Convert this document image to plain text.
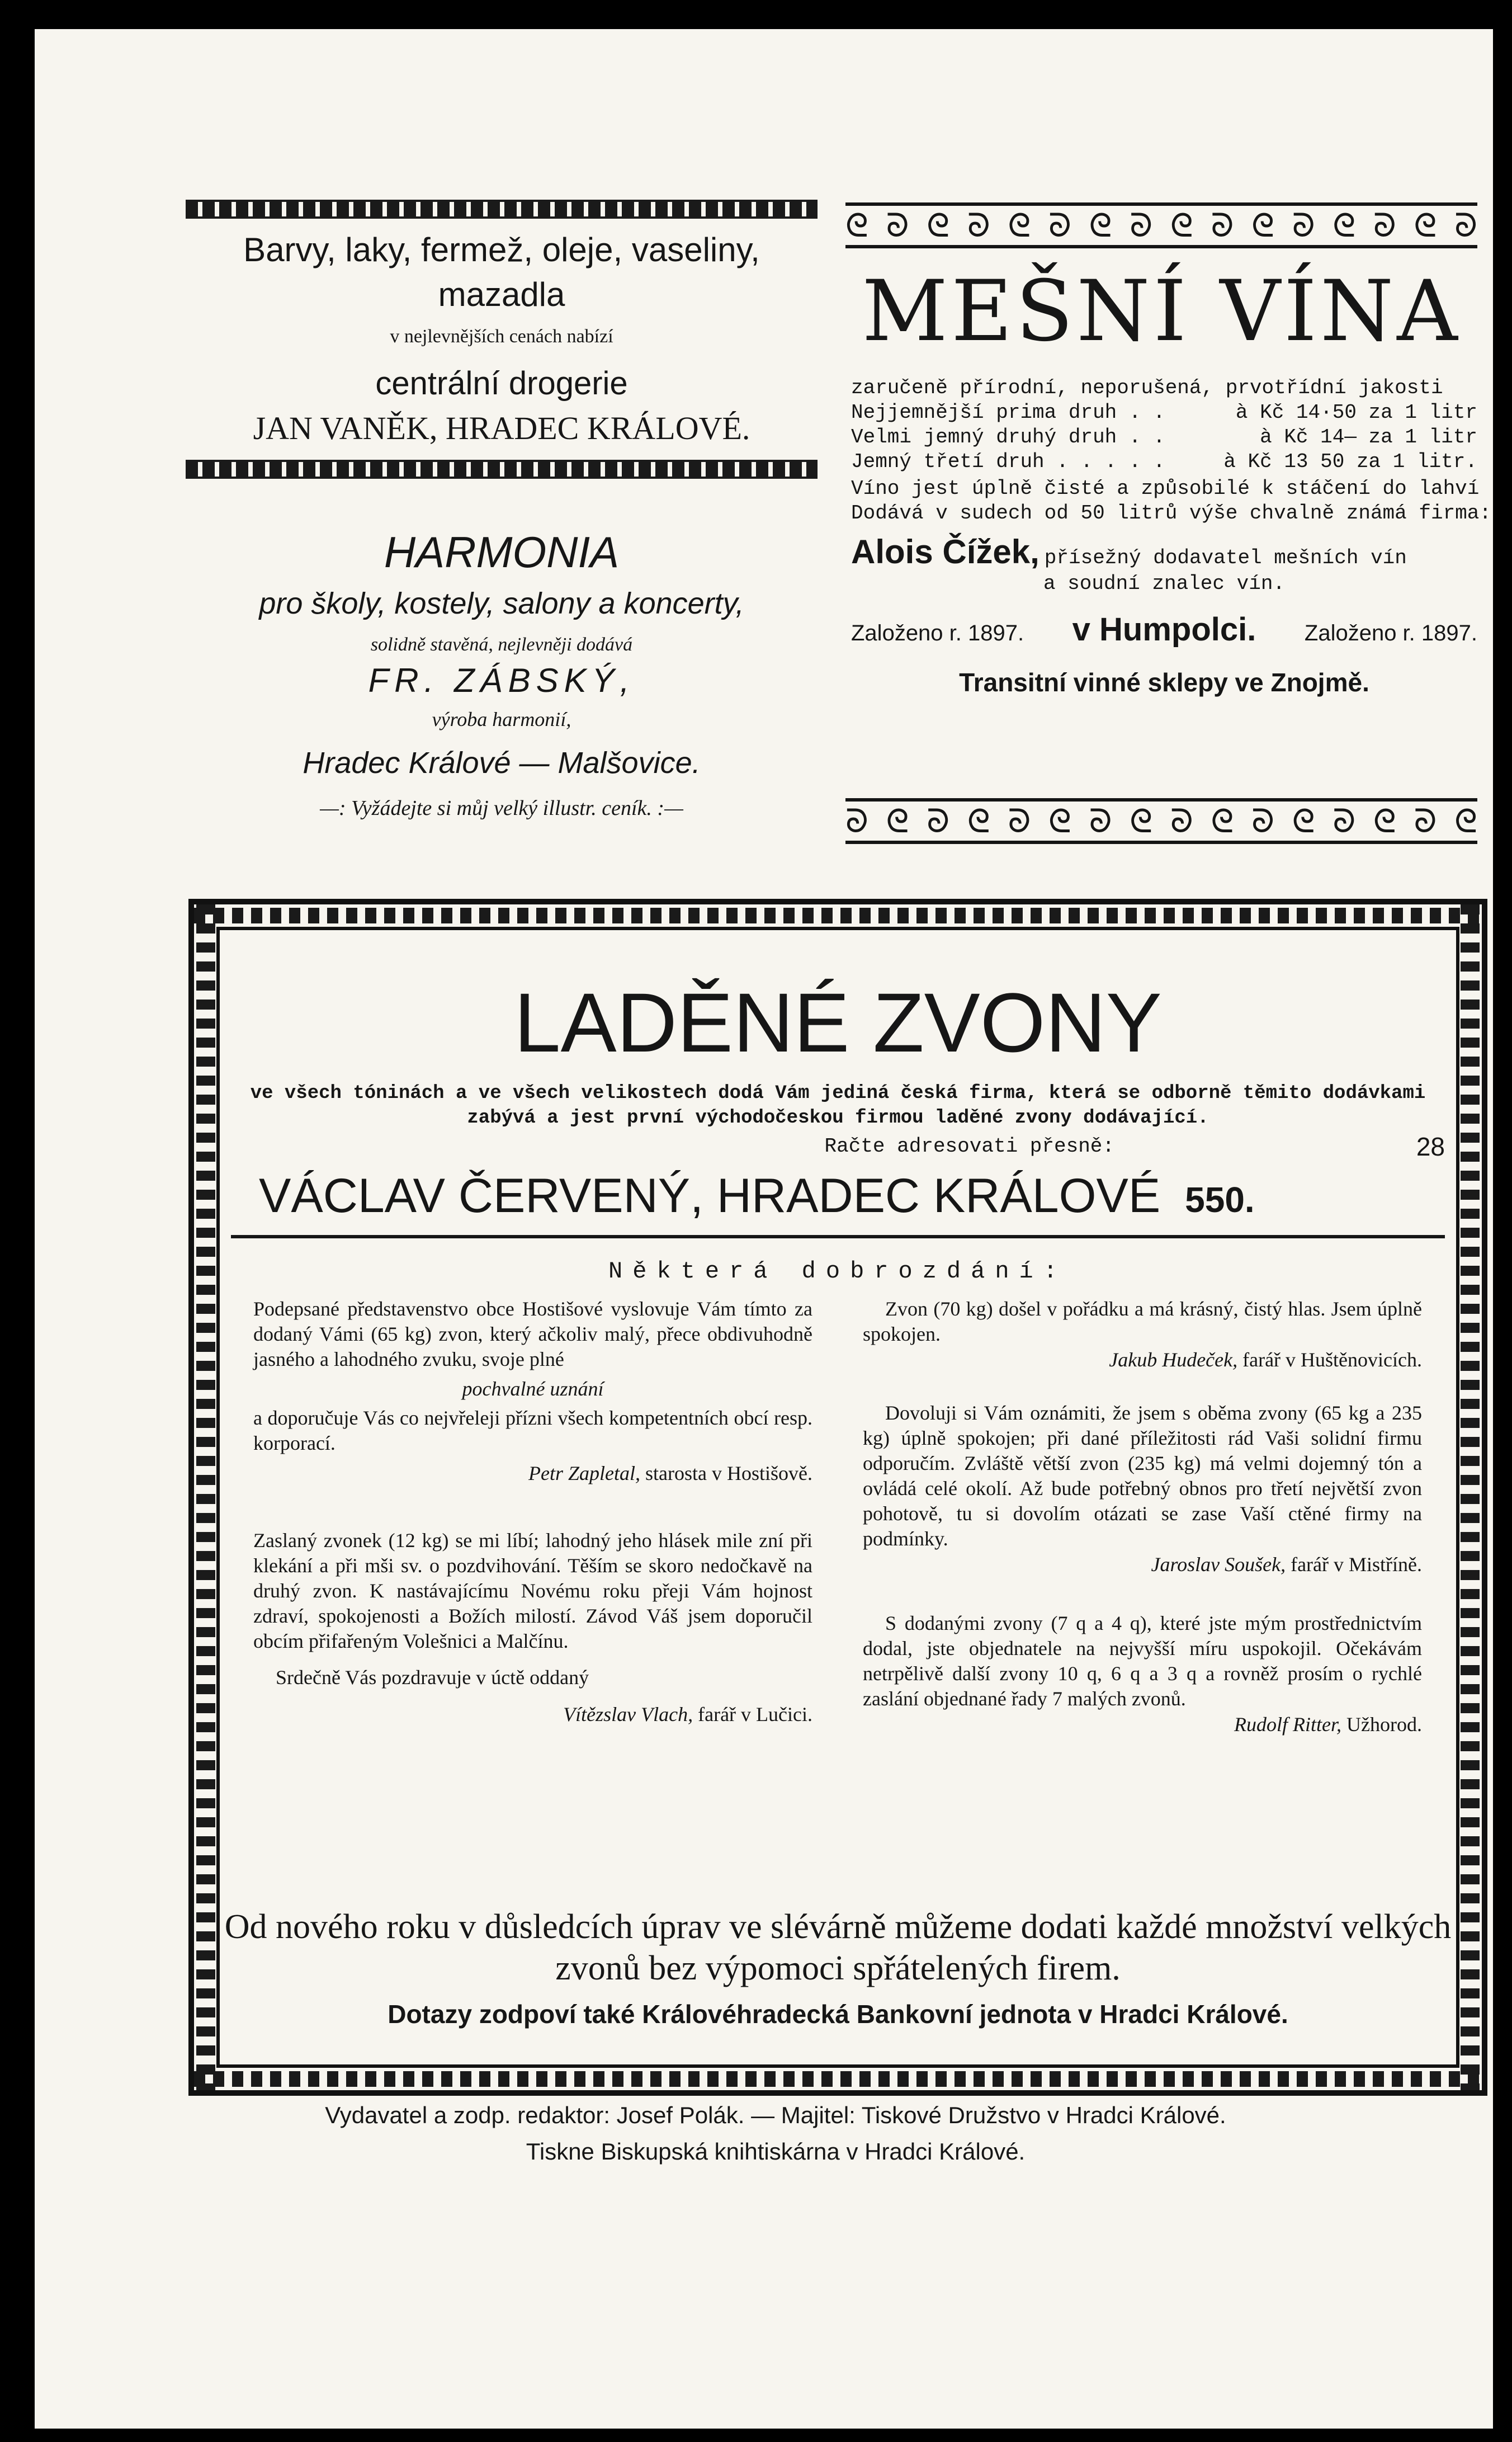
Barvy, laky, fermež, oleje, vaseliny,
mazadla
v nejlevnějších cenách nabízí
centrální drogerie
JAN VANĚK, HRADEC KRÁLOVÉ.
HARMONIA
pro školy, kostely, salony a koncerty,
solidně stavěná, nejlevněji dodává
FR. ZÁBSKÝ,
výroba harmonií,
Hradec Králové — Malšovice.
—: Vyžádejte si můj velký illustr. ceník. :—
ᘓ ᘐ ᘓ ᘐ ᘓ ᘐ ᘓ ᘐ ᘓ ᘐ ᘓ ᘐ ᘓ ᘐ ᘓ ᘐ
MEŠNÍ VÍNA
zaručeně přírodní, neporušená, prvotřídní jakosti
Nejjemnější prima druh . .	à Kč 14·50 za 1 litr
Velmi jemný druhý druh . .	à Kč 14— za 1 litr
Jemný třetí druh . . . . .	à Kč 13 50 za 1 litr.
Víno jest úplně čisté a způsobilé k stáčení do lahví
Dodává v sudech od 50 litrů výše chvalně známá firma:
Alois Čížek, přísežný dodavatel mešních vín
a soudní znalec vín.
Založeno r. 1897. v Humpolci. Založeno r. 1897.
Transitní vinné sklepy ve Znojmě.
ᘐ ᘓ ᘐ ᘓ ᘐ ᘓ ᘐ ᘓ ᘐ ᘓ ᘐ ᘓ ᘐ ᘓ ᘐ ᘓ
LADĚNÉ ZVONY
ve všech tóninách a ve všech velikostech dodá Vám jediná česká firma, která se odborně těmito dodávkami zabývá a jest první východočeskou firmou laděné zvony dodávající.
Račte adresovati přesně:	28
VÁCLAV ČERVENÝ, HRADEC KRÁLOVÉ 550.
Některá dobrozdání:
Podepsané představenstvo obce Hostišové vyslovuje Vám tímto za dodaný Vámi (65 kg) zvon, který ačkoliv malý, přece obdivuhodně jasného a lahodného zvuku, svoje plné
pochvalné uznání
a doporučuje Vás co nejvřeleji přízni všech kompetentních obcí resp. korporací.
Petr Zapletal, starosta v Hostišově.
Zaslaný zvonek (12 kg) se mi líbí; lahodný jeho hlásek mile zní při klekání a při mši sv. o pozdvihování. Těším se skoro nedočkavě na druhý zvon. K nastávajícímu Novému roku přeji Vám hojnost zdraví, spokojenosti a Božích milostí. Závod Váš jsem doporučil obcím přifařeným Volešnici a Malčínu.
Srdečně Vás pozdravuje v úctě oddaný
Vítězslav Vlach, farář v Lučici.
Zvon (70 kg) došel v pořádku a má krásný, čistý hlas. Jsem úplně spokojen.
Jakub Hudeček, farář v Huštěnovicích.
Dovoluji si Vám oznámiti, že jsem s oběma zvony (65 kg a 235 kg) úplně spokojen; při dané příležitosti rád Vaši solidní firmu odporučím. Zvláště větší zvon (235 kg) má velmi dojemný tón a ovládá celé okolí. Až bude potřebný obnos pro třetí největší zvon pohotově, tu si dovolím otázati se zase Vaší ctěné firmy na podmínky.
Jaroslav Soušek, farář v Mistříně.
S dodanými zvony (7 q a 4 q), které jste mým prostřednictvím dodal, jste objednatele na nejvyšší míru uspokojil. Očekávám netrpělivě další zvony 10 q, 6 q a 3 q a rovněž prosím o rychlé zaslání objednané řady 7 malých zvonů.
Rudolf Ritter, Užhorod.
Od nového roku v důsledcích úprav ve slévárně můžeme dodati každé množství velkých zvonů bez výpomoci spřátelených firem.
Dotazy zodpoví také Královéhradecká Bankovní jednota v Hradci Králové.
Vydavatel a zodp. redaktor: Josef Polák. — Majitel: Tiskové Družstvo v Hradci Králové.
Tiskne Biskupská knihtiskárna v Hradci Králové.
